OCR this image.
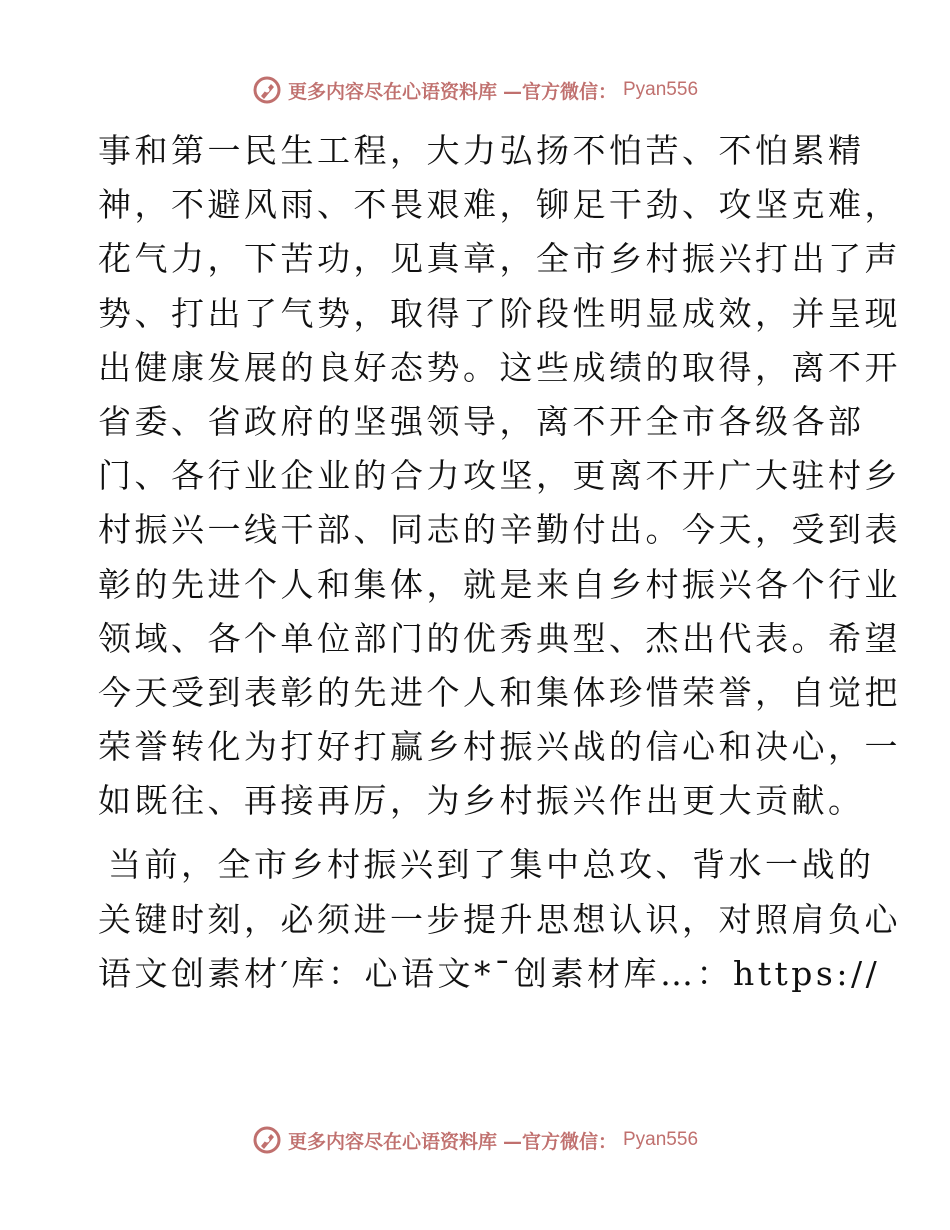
更多内容尽在心语资料库 —官方微信： Pyan556
事和第一民生工程，大力弘扬不怕苦、不怕累精
神，不避风雨、不畏艰难，铆足干劲、攻坚克难，
花气力，下苦功，见真章，全市乡村振兴打出了声
势、打出了气势，取得了阶段性明显成效，并呈现
出健康发展的良好态势。这些成绩的取得，离不开
省委、省政府的坚强领导，离不开全市各级各部
门、各行业企业的合力攻坚，更离不开广大驻村乡
村振兴一线干部、同志的辛勤付出。今天，受到表
彰的先进个人和集体，就是来自乡村振兴各个行业
领域、各个单位部门的优秀典型、杰出代表。希望
今天受到表彰的先进个人和集体珍惜荣誉，自觉把
荣誉转化为打好打赢乡村振兴战的信心和决心，一
如既往、再接再厉，为乡村振兴作出更大贡献。
当前，全市乡村振兴到了集中总攻、背水一战的
关键时刻，必须进一步提升思想认识，对照肩负心
语文创素材′库：心语文*¯创素材库…：https://
更多内容尽在心语资料库 —官方微信： Pyan556
